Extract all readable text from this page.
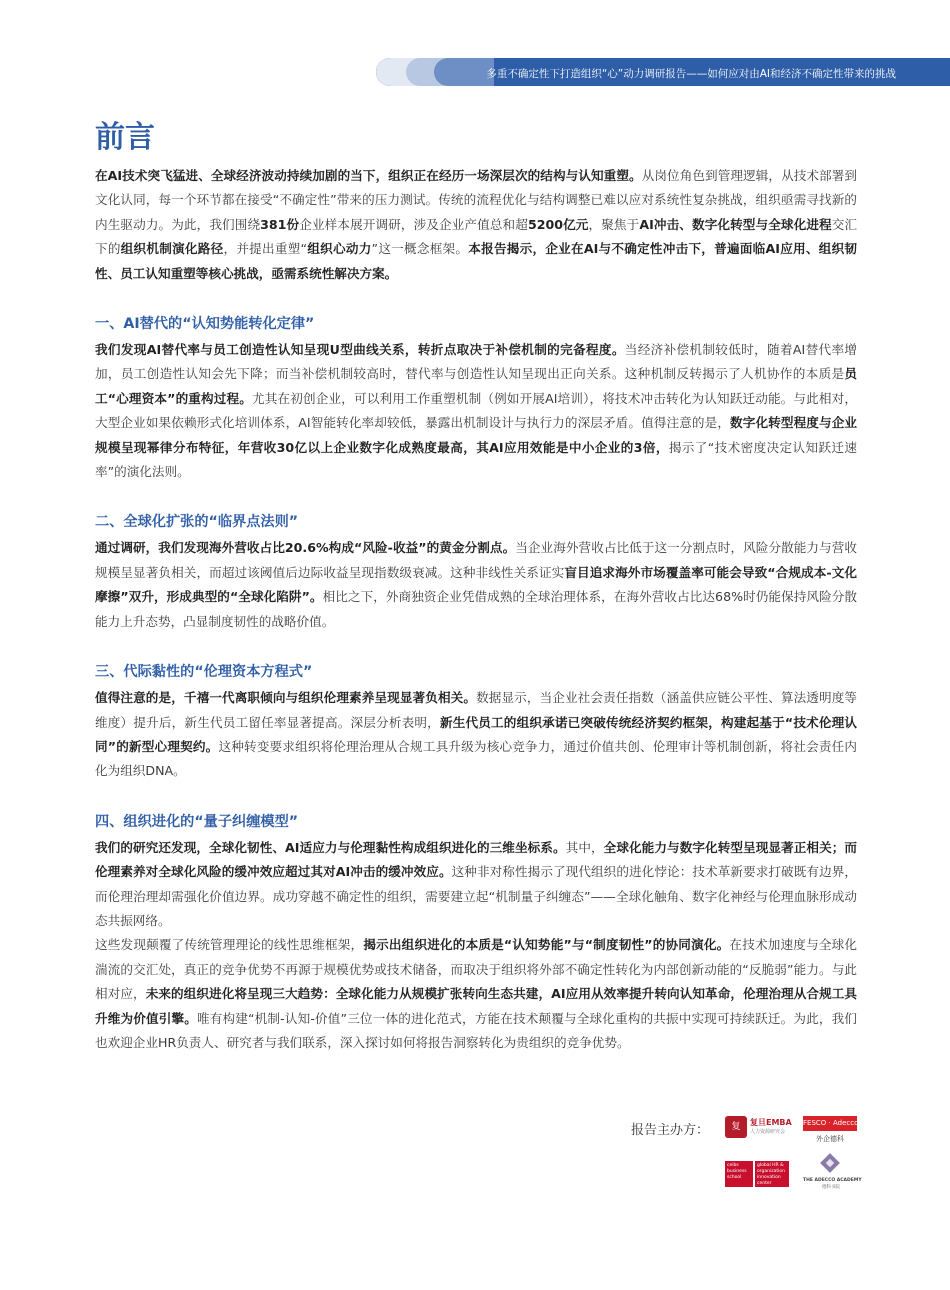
多重不确定性下打造组织“心”动力调研报告——如何应对由AI和经济不确定性带来的挑战
前言

在AI技术突飞猛进、全球经济波动持续加剧的当下，组织正在经历一场深层次的结构与认知重塑。从岗位角色到管理逻辑，从技术部署到文化认同，每一个环节都在接受“不确定性”带来的压力测试。传统的流程优化与结构调整已难以应对系统性复杂挑战，组织亟需寻找新的内生驱动力。为此，我们围绕381份企业样本展开调研，涉及企业产值总和超5200亿元，聚焦于AI冲击、数字化转型与全球化进程交汇下的组织机制演化路径，并提出重塑“组织心动力”这一概念框架。本报告揭示，企业在AI与不确定性冲击下，普遍面临AI应用、组织韧性、员工认知重塑等核心挑战，亟需系统性解决方案。

一、AI替代的“认知势能转化定律”

我们发现AI替代率与员工创造性认知呈现U型曲线关系，转折点取决于补偿机制的完备程度。当经济补偿机制较低时，随着AI替代率增加，员工创造性认知会先下降；而当补偿机制较高时，替代率与创造性认知呈现出正向关系。这种机制反转揭示了人机协作的本质是员工“心理资本”的重构过程。尤其在初创企业，可以利用工作重塑机制（例如开展AI培训），将技术冲击转化为认知跃迁动能。与此相对，大型企业如果依赖形式化培训体系，AI智能转化率却较低，暴露出机制设计与执行力的深层矛盾。值得注意的是，数字化转型程度与企业规模呈现幂律分布特征，年营收30亿以上企业数字化成熟度最高，其AI应用效能是中小企业的3倍，揭示了“技术密度决定认知跃迁速率”的演化法则。

二、全球化扩张的“临界点法则”

通过调研，我们发现海外营收占比20.6%构成“风险-收益”的黄金分割点。当企业海外营收占比低于这一分割点时，风险分散能力与营收规模呈显著负相关，而超过该阈值后边际收益呈现指数级衰减。这种非线性关系证实盲目追求海外市场覆盖率可能会导致“合规成本-文化摩擦”双升，形成典型的“全球化陷阱”。相比之下，外商独资企业凭借成熟的全球治理体系，在海外营收占比达68%时仍能保持风险分散能力上升态势，凸显制度韧性的战略价值。

三、代际黏性的“伦理资本方程式”

值得注意的是，千禧一代离职倾向与组织伦理素养呈现显著负相关。数据显示，当企业社会责任指数（涵盖供应链公平性、算法透明度等维度）提升后，新生代员工留任率显著提高。深层分析表明，新生代员工的组织承诺已突破传统经济契约框架，构建起基于“技术伦理认同”的新型心理契约。这种转变要求组织将伦理治理从合规工具升级为核心竞争力，通过价值共创、伦理审计等机制创新，将社会责任内化为组织DNA。

四、组织进化的“量子纠缠模型”

我们的研究还发现，全球化韧性、AI适应力与伦理黏性构成组织进化的三维坐标系。其中，全球化能力与数字化转型呈现显著正相关；而伦理素养对全球化风险的缓冲效应超过其对AI冲击的缓冲效应。这种非对称性揭示了现代组织的进化悖论：技术革新要求打破既有边界，而伦理治理却需强化价值边界。成功穿越不确定性的组织，需要建立起“机制量子纠缠态”——全球化触角、数字化神经与伦理血脉形成动态共振网络。

这些发现颠覆了传统管理理论的线性思维框架，揭示出组织进化的本质是“认知势能”与“制度韧性”的协同演化。在技术加速度与全球化湍流的交汇处，真正的竞争优势不再源于规模优势或技术储备，而取决于组织将外部不确定性转化为内部创新动能的“反脆弱”能力。与此相对应，未来的组织进化将呈现三大趋势：全球化能力从规模扩张转向生态共建，AI应用从效率提升转向认知革命，伦理治理从合规工具升维为价值引擎。唯有构建“机制-认知-价值”三位一体的进化范式，方能在技术颠覆与全球化重构的共振中实现可持续跃迁。为此，我们也欢迎企业HR负责人、研究者与我们联系，深入探讨如何将报告洞察转化为贵组织的竞争优势。

报告主办方：	复	复旦EMBA
人力资源研究会
FESCO · Adecco
外企德科
ceibs business school
global HR & organization innovation center
THE ADECCO ACADEMY
德科书院
